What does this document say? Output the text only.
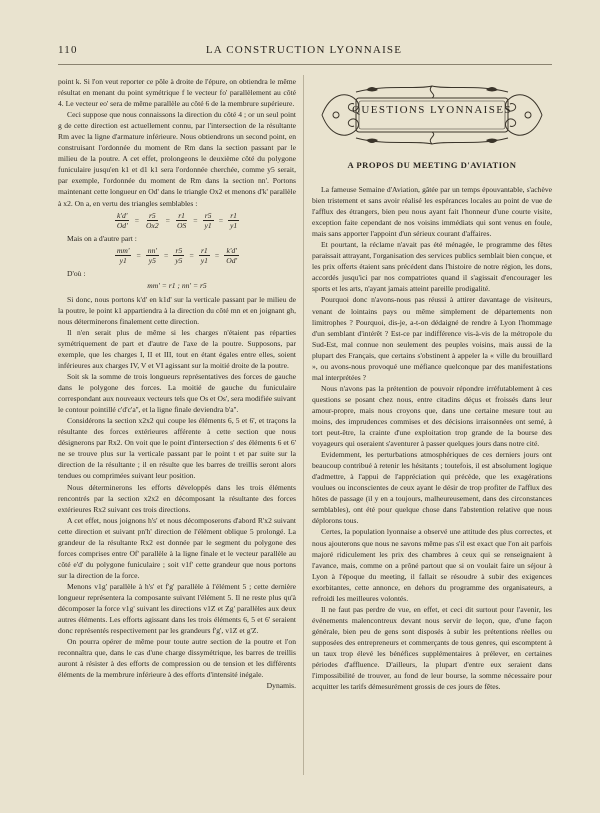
110	LA CONSTRUCTION LYONNAISE

point k. Si l'on veut reporter ce pôle à droite de l'épure, on obtiendra le même résultat en menant du point symétrique f le vecteur fo' parallèlement au côté 4. Le vecteur eo' sera de même parallèle au côté 6 de la membrure supérieure.

Ceci suppose que nous connaissons la direction du côté 4 ; or un seul point g de cette direction est actuellement connu, par l'intersection de la résultante Rm avec la ligne d'armature inférieure. Nous obtiendrons un second point, en construisant l'ordonnée du moment de Rm dans la section passant par le milieu de la poutre. A cet effet, prolongeons le deuxième côté du polygone funiculaire jusqu'en k1 et d1 k1 sera l'ordonnée cherchée, comme y5 serait, par exemple, l'ordonnée du moment de Rm dans la section nn'. Portons maintenant cette longueur en Od' dans le triangle Ox2 et menons d'k' parallèle à x2. On a, en vertu des triangles semblables :

$\frac{k'd'}{Od'} = \frac{r5}{Ox2} = \frac{r1}{OS} = \frac{r5}{y1} = \frac{r1}{y1}$

Mais on a d'autre part :

$\frac{mm'}{y1} = \frac{nn'}{y5} = \frac{r5}{y5} = \frac{r1}{y1} = \frac{k'd'}{Od'}$

D'où :

mm' = r1 ; nn' = r5

Si donc, nous portons k'd' en k1d' sur la verticale passant par le milieu de la poutre, le point k1 appartiendra à la direction du côté mn et en joignant gh, nous déterminerons finalement cette direction.

Il n'en serait plus de même si les charges n'étaient pas réparties symétriquement de part et d'autre de l'axe de la poutre. Supposons, par exemple, que les charges I, II et III, tout en étant égales entre elles, soient inférieures aux charges IV, V et VI agissant sur la moitié droite de la poutre.

Soit sk la somme de trois longueurs représentatives des forces de gauche dans le polygone des forces. La moitié de gauche du funiculaire correspondant aux nouveaux vecteurs tels que Os et Os', sera modifiée suivant le contour pointillé c'd'c'a'', et la ligne finale deviendra b'a''.

Considérons la section x2x2 qui coupe les éléments 6, 5 et 6', et traçons la résultante des forces extérieures afférente à cette section que nous désignerons par Rx2. On voit que le point d'intersection s' des éléments 6 et 6' ne se trouve plus sur la verticale passant par le point t et par suite sur la direction de la résultante ; il en résulte que les barres de treillis seront alors tendues ou comprimées suivant leur position.

Nous déterminerons les efforts développés dans les trois éléments rencontrés par la section x2x2 en décomposant la résultante des forces extérieures Rx2 suivant ces trois directions.

A cet effet, nous joignons h's' et nous décomposerons d'abord R'x2 suivant cette direction et suivant pn'h' direction de l'élément oblique 5 prolongé. La grandeur de la résultante Rx2 est donnée par le segment du polygone des forces comprises entre Of' parallèle à la ligne finale et le vecteur parallèle au côté e'd' du polygone funiculaire ; soit v1f' cette grandeur que nous portons sur la direction de la force.

Menons v1g' parallèle à h's' et f'g' parallèle à l'élément 5 ; cette dernière longueur représentera la composante suivant l'élément 5. Il ne reste plus qu'à décomposer la force v1g' suivant les directions v1Z et Zg' parallèles aux deux autres éléments. Les efforts agissant dans les trois éléments 6, 5 et 6' seraient donc représentés respectivement par les grandeurs f'g', v1Z et g'Z.

On pourra opérer de même pour toute autre section de la poutre et l'on reconnaîtra que, dans le cas d'une charge dissymétrique, les barres de treillis auront à résister à des efforts de compression ou de tension et les différents éléments de la membrure inférieure à des efforts d'intensité inégale.

Dynamis.

QUESTIONS LYONNAISES
A PROPOS DU MEETING D'AVIATION

La fameuse Semaine d'Aviation, gâtée par un temps épouvantable, s'achève bien tristement et sans avoir réalisé les espérances locales au point de vue de l'afflux des étrangers, bien peu nous ayant fait l'honneur d'une courte visite, exception faite cependant de nos voisins immédiats qui sont venus en foule, mais sans apporter l'appoint d'un sérieux courant d'affaires.

Et pourtant, la réclame n'avait pas été ménagée, le programme des fêtes paraissait attrayant, l'organisation des services publics semblait bien conçue, et les prix offerts étaient sans précédent dans l'histoire de notre région, les dons, accordés jusqu'ici par nos compatriotes quand il s'agissait d'encourager les sports et les arts, n'ayant jamais atteint pareille prodigalité.

Pourquoi donc n'avons-nous pas réussi à attirer davantage de visiteurs, venant de lointains pays ou même simplement de départements non limitrophes ? Pourquoi, dis-je, a-t-on dédaigné de rendre à Lyon l'hommage d'un semblant d'intérêt ? Est-ce par indifférence vis-à-vis de la métropole du Sud-Est, mal connue non seulement des peuples voisins, mais aussi de la plupart des Français, que certains s'obstinent à appeler la « ville du brouillard », ou avons-nous provoqué une méfiance quelconque par des manifestations mal interprétées ?

Nous n'avons pas la prétention de pouvoir répondre irréfutablement à ces questions se posant chez nous, entre citadins déçus et froissés dans leur amour-propre, mais nous croyons que, dans une certaine mesure tout au moins, des imprudences commises et des décisions irraisonnées ont semé, à tort peut-être, la crainte d'une exploitation trop grande de la bourse des voyageurs qui oseraient s'aventurer à passer quelques jours dans notre cité.

Evidemment, les perturbations atmosphériques de ces derniers jours ont beaucoup contribué à retenir les hésitants ; toutefois, il est absolument logique d'admettre, à l'appui de l'appréciation qui précède, que les exagérations voulues ou inconscientes de ceux ayant le désir de trop profiter de l'afflux des hôtes de passage (il y en a toujours, malheureusement, dans des circonstances semblables), ont été pour quelque chose dans l'abstention relative que nous déplorons tous.

Certes, la population lyonnaise a observé une attitude des plus correctes, et nous ajouterons que nous ne savons même pas s'il est exact que l'on ait parfois majoré ridiculement les prix des chambres à ceux qui se renseignaient à l'avance, mais, comme on a prôné partout que si on voulait faire un séjour à Lyon à l'époque du meeting, il fallait se résoudre à subir des exigences exorbitantes, cette annonce, en dehors du programme des organisateurs, a refroidi les meilleures volontés.

Il ne faut pas perdre de vue, en effet, et ceci dit surtout pour l'avenir, les événements malencontreux devant nous servir de leçon, que, d'une façon générale, bien peu de gens sont disposés à subir les prétentions réelles ou supposées des entrepreneurs et commerçants de tous genres, qui escomptent à un taux trop élevé les bénéfices supplémentaires à prélever, en certaines périodes d'affluence. D'ailleurs, la plupart d'entre eux seraient dans l'impossibilité de trouver, au fond de leur bourse, la somme nécessaire pour acquitter les tarifs démesurément grossis de ces jours de fêtes.
